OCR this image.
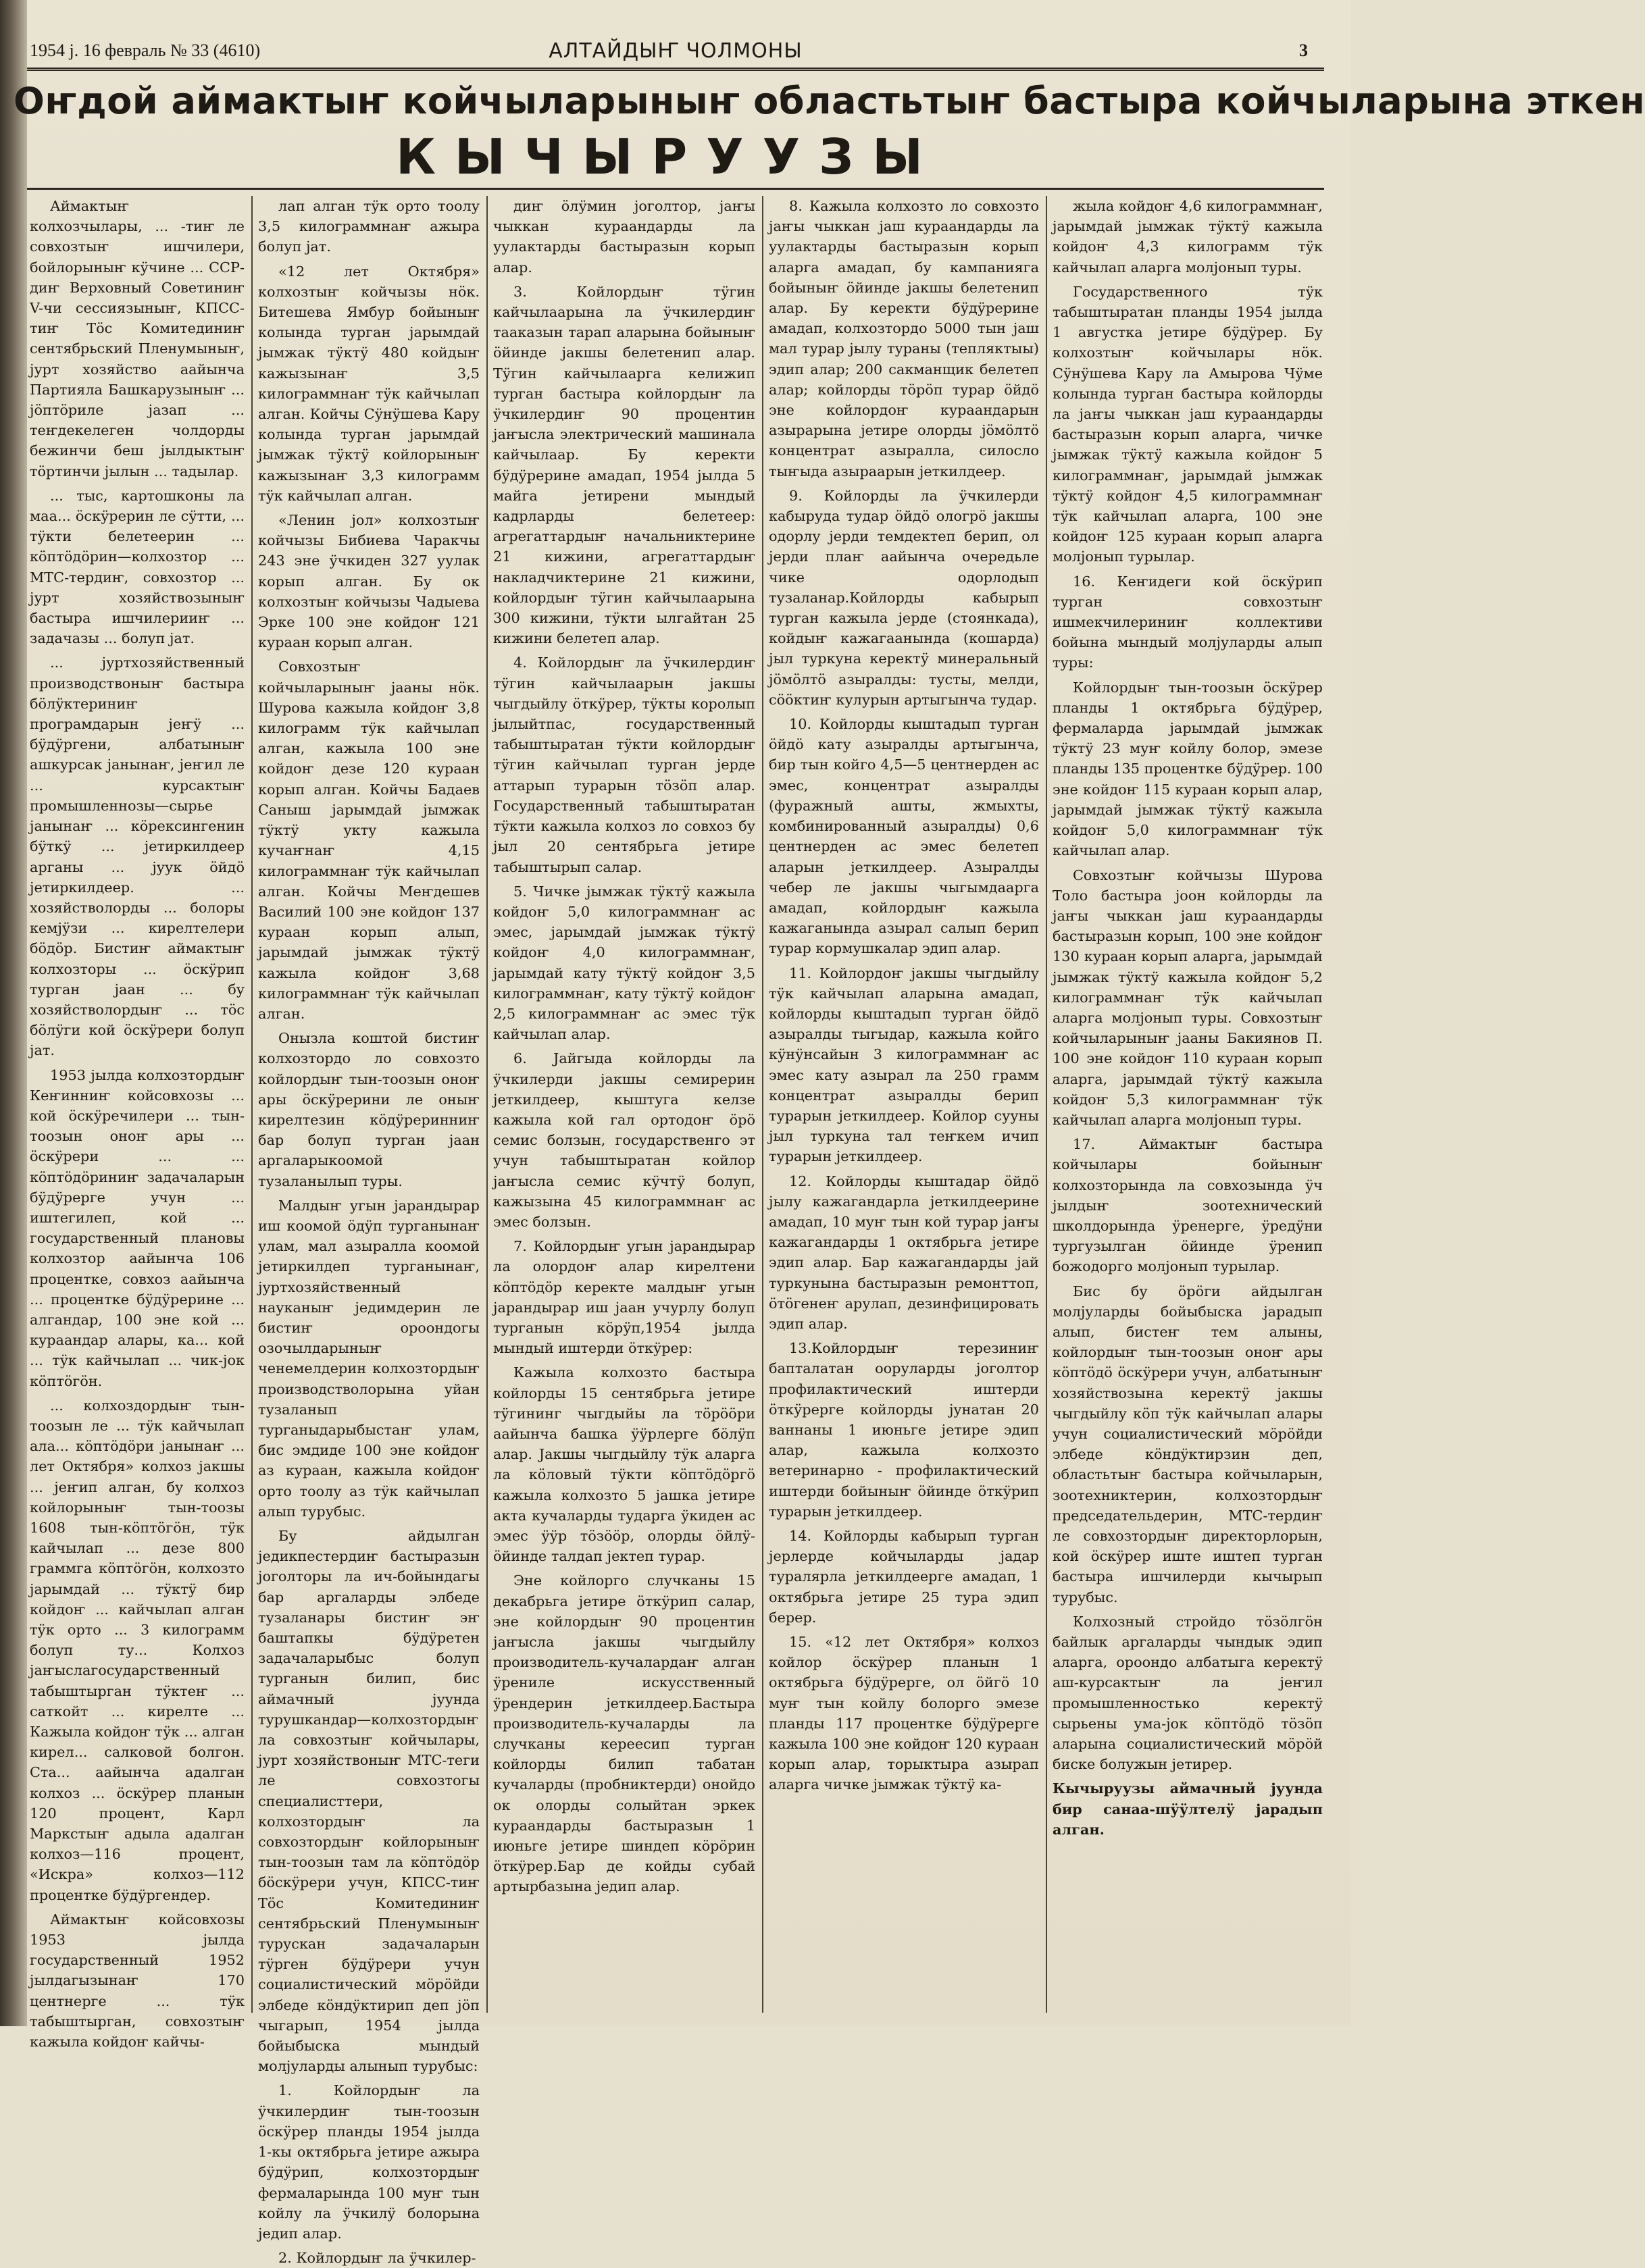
1954 ј. 16 февраль № 33 (4610)	АЛТАЙДЫҤ ЧОЛМОНЫ	3
Оҥдой аймактыҥ койчыларыныҥ областьтыҥ бастыра койчыларына эткен
КЫЧЫРУУЗЫ

Аймактыҥ колхозчылары, ... -тиҥ ле совхозтыҥ ишчилери, бойлорыныҥ кӱчине ... ССР-диҥ Верховный Советиниҥ V-чи сессиязыныҥ, КПСС-тиҥ Тӧс Комитединиҥ сентябрьский Пленумыныҥ, јурт хозяйство аайынча Партияла Башкарузыныҥ ... јӧптӧриле јазап ... теҥдекелеген чолдорды бежинчи беш јылдыктыҥ тӧртинчи јылын ... тадылар.

... тыс, картошконы ла маа... ӧскӱрерин ле сӱтти, ... тӱкти белетеерин ... кӧптӧдӧрин—колхозтор ... МТС-тердиҥ, совхозтор ... јурт хозяйствозыныҥ бастыра ишчилерииҥ ... задачазы ... болуп јат.

... јуртхозяйственный производствоныҥ бастыра бӧлӱктериниҥ програмдарын јеҥӱ ... бӱдӱргени, албатыныҥ ашкурсак јанынаҥ, јеҥил ле ... курсактыҥ промышленнозы—сырье јанынаҥ ... кӧрексингенин бӱткӱ ... јетиркилдеер арганы ... јуук ӧйдӧ јетиркилдеер. ... хозяйстволорды ... болоры кемјӱзи ... кирелтелери бӧдӧр. Бистиҥ аймактыҥ колхозторы ... ӧскӱрип турган јаан ... бу хозяйстволордыҥ ... тӧс бӧлӱги кой ӧскӱрери болуп јат.

1953 јылда колхозтордыҥ Кеҥинниҥ койсовхозы ... кой ӧскӱречилери ... тын-тоозын оноҥ ары ... ӧскӱрери ... ... кӧптӧдӧриниҥ задачаларын бӱдӱрерге учун ... иштегилеп, кой ... государственный плановы колхозтор аайынча 106 процентке, совхоз аайынча ... процентке бӱдӱрерине ... алгандар, 100 эне кой ... кураандар алары, ка... кой ... тӱк кайчылап ... чик-јок кӧптӧгӧн.

... колхоздордыҥ тын-тоозын ле ... тӱк кайчылап ала... кӧптӧдӧри јанынаҥ ... лет Октября» колхоз јакшы ... јеҥип алган, бу колхоз койлорыныҥ тын-тоозы 1608 тын-кӧптӧгӧн, тӱк кайчылап ... дезе 800 граммга кӧптӧгӧн, колхозто јарымдай ... тӱктӱ бир койдоҥ ... кайчылап алган тӱк орто ... 3 килограмм болуп ту... Колхоз јаҥыслагосударственный табыштырган тӱктеҥ ... саткойт ... кирелте ... Кажыла койдоҥ тӱк ... алган кирел... салковой болгон. Ста... аайынча адалган колхоз ... ӧскӱрер планын 120 процент, Карл Маркстыҥ адыла адалган колхоз—116 процент, «Искра» колхоз—112 процентке бӱдӱргендер.

Аймактыҥ койсовхозы 1953 јылда государственный 1952 јылдагызынаҥ 170 центнерге ... тӱк табыштырган, совхозтыҥ кажыла койдоҥ кайчы-

лап алган тӱк орто тоолу 3,5 килограммнаҥ ажыра болуп јат.

«12 лет Октября» колхозтыҥ койчызы нӧк. Битешева Ямбур бойыныҥ колында турган јарымдай јымжак тӱктӱ 480 койдыҥ кажызынаҥ 3,5 килограммнаҥ тӱк кайчылап алган. Койчы Сӱнӱшева Кару колында турган јарымдай јымжак тӱктӱ койлорыныҥ кажызынаҥ 3,3 килограмм тӱк кайчылап алган.

«Ленин јол» колхозтыҥ койчызы Бибиева Чаракчы 243 эне ӱчкиден 327 уулак корып алган. Бу ок колхозтыҥ койчызы Чадыева Эрке 100 эне койдоҥ 121 кураан корып алган.

Совхозтыҥ койчыларыныҥ јааны нӧк. Шурова кажыла койдоҥ 3,8 килограмм тӱк кайчылап алган, кажыла 100 эне койдоҥ дезе 120 кураан корып алган. Койчы Бадаев Саныш јарымдай јымжак тӱктӱ укту кажыла кучаҥнаҥ 4,15 килограммнаҥ тӱк кайчылап алган. Койчы Меҥдешев Василий 100 эне койдоҥ 137 кураан корып алып, јарымдай јымжак тӱктӱ кажыла койдоҥ 3,68 килограммнаҥ тӱк кайчылап алган.

Онызла коштой бистиҥ колхозтордо ло совхозто койлордыҥ тын-тоозын оноҥ ары ӧскӱрерини ле оныҥ кирелтезин кӧдӱреринниҥ бар болуп турган јаан аргаларыкоомой тузаланылып туры.

Малдыҥ угын јарандырар иш коомой ӧдӱп турганынаҥ улам, мал азыралла коомой јетиркилдеп турганынаҥ, јуртхозяйственный науканыҥ једимдерин ле бистиҥ ороондогы озочылдарыныҥ ченемелдерин колхозтордыҥ производстволорына уйан тузаланып турганыдарыбыстаҥ улам, бис эмдиде 100 эне койдоҥ аз кураан, кажыла койдоҥ орто тоолу аз тӱк кайчылап алып турубыс.

Бу айдылган једикпестердиҥ бастыразын јоголторы ла ич-бойындагы бар аргаларды элбеде тузаланары бистиҥ эҥ баштапкы бӱдӱретен задачаларыбыс болуп турганын билип, бис аймачный јуунда турушкандар—колхозтордыҥ ла совхозтыҥ койчылары, јурт хозяйствоныҥ МТС-теги ле совхозтогы специалисттери, колхозтордыҥ ла совхозтордыҥ койлорыныҥ тын-тоозын там ла кӧптӧдӧр бӧскӱрери учун, КПСС-тиҥ Тӧс Комитединиҥ сентябрьский Пленумыныҥ турускан задачаларын тӱрген бӱдӱрери учун социалистический мӧрӧйди элбеде кӧндӱктирип деп јӧп чыгарып, 1954 јылда бойыбыска мындый молјуларды алынып турубыс:

1. Койлордыҥ ла ӱчкилердиҥ тын-тоозын ӧскӱрер планды 1954 јылда 1-кы октябрьга јетире ажыра бӱдӱрип, колхозтордыҥ фермаларында 100 муҥ тын койлу ла ӱчкилӱ болорына једип алар.

2. Койлордыҥ ла ӱчкилер-

диҥ ӧлӱмин јоголтор, јаҥы чыккан кураандарды ла уулактарды бастыразын корып алар.

3. Койлордыҥ тӱгин кайчылаарына ла ӱчкилердиҥ тааказын тарап аларына бойыныҥ ӧйинде јакшы белетенип алар. Тӱгин кайчылаарга келижип турган бастыра койлордыҥ ла ӱчкилердиҥ 90 процентин јаҥысла электрический машинала кайчылаар. Бу керекти бӱдӱрерине амадап, 1954 јылда 5 майга јетирени мындый кадрларды белетеер: агрегаттардыҥ начальниктерине 21 кижини, агрегаттардыҥ накладчиктерине 21 кижини, койлордыҥ тӱгин кайчылаарына 300 кижини, тӱкти ылгайтан 25 кижини белетеп алар.

4. Койлордыҥ ла ӱчкилердиҥ тӱгин кайчылаарын јакшы чыгдыйлу ӧткӱрер, тӱкты королып јылыйтпас, государственный табыштыратан тӱкти койлордыҥ тӱгин кайчылап турган јерде аттарып турарын тӧзӧп алар. Государственный табыштыратан тӱкти кажыла колхоз ло совхоз бу јыл 20 сентябрьга јетире табыштырып салар.

5. Чичке јымжак тӱктӱ кажыла койдоҥ 5,0 килограммнаҥ ас эмес, јарымдай јымжак тӱктӱ койдоҥ 4,0 килограммнаҥ, јарымдай кату тӱктӱ койдоҥ 3,5 килограммнаҥ, кату тӱктӱ койдоҥ 2,5 килограммнаҥ ас эмес тӱк кайчылап алар.

6. Јайгыда койлорды ла ӱчкилерди јакшы семирерин јеткилдеер, кыштуга келзе кажыла кой гал ортодоҥ ӧрӧ семис болзын, государственго эт учун табыштыратан койлор јаҥысла семис кӱчтӱ болуп, кажызына 45 килограммнаҥ ас эмес болзын.

7. Койлордыҥ угын јарандырар ла олордоҥ алар кирелтени кӧптӧдӧр керекте малдыҥ угын јарандырар иш јаан учурлу болуп турганын кӧрӱп,1954 јылда мындый иштерди ӧткӱрер:

Кажыла колхозто бастыра койлорды 15 сентябрьга јетире тӱгининг чыгдыйы ла тӧрӧӧри аайынча башка ӱӱрлерге бӧлӱп алар. Јакшы чыгдыйлу тӱк аларга ла кӧловый тӱкти кӧптӧдӧргӧ кажыла колхозто 5 јашка јетире акта кучаларды тударга ӱкиден ас эмес ӱӱр тӧзӧӧр, олорды ӧйлӱ-ӧйинде талдап јектеп турар.

Эне койлорго случканы 15 декабрьга јетире ӧткӱрип салар, эне койлордыҥ 90 процентин јаҥысла јакшы чыгдыйлу производитель-кучалардаҥ алган ӱрениле искусственный ӱрендерин јеткилдеер.Бастыра производитель-кучаларды ла случканы кереесип турган койлорды билип табатан кучаларды (пробниктерди) онойдо ок олорды солыйтан эркек кураандарды бастыразын 1 июньге јетире шиндеп кӧрӧрин ӧткӱрер.Бар де койды субай артырбазына једип алар.

8. Кажыла колхозто ло совхозто јаҥы чыккан јаш кураандарды ла уулактарды бастыразын корып аларга амадап, бу кампанияга бойыныҥ ӧйинде јакшы белетенип алар. Бу керекти бӱдӱрерине амадап, колхозтордо 5000 тын јаш мал турар јылу тураны (тепляктыы) эдип алар; 200 сакманщик белетеп алар; койлорды тӧрӧп турар ӧйдӧ эне койлордоҥ кураандарын азырарына јетире олорды јӧмӧлтӧ концентрат азыралла, силосло тыҥыда азыраарын јеткилдеер.

9. Койлорды ла ӱчкилерди кабыруда тудар ӧйдӧ ологрӧ јакшы одорлу јерди темдектеп берип, ол јерди плаҥ аайынча очередьле чике одорлодып тузаланар.Койлорды кабырып турган кажыла јерде (стоянкада), койдыҥ кажагаанында (кошарда) јыл туркуна керектӱ минеральный јӧмӧлтӧ азыралды: тусты, мелди, сӧӧктиҥ кулурын артыгынча тудар.

10. Койлорды кыштадып турган ӧйдӧ кату азыралды артыгынча, бир тын койго 4,5—5 центнерден ас эмес, концентрат азыралды (фуражный ашты, жмыхты, комбинированный азыралды) 0,6 центнерден ас эмес белетеп аларын јеткилдеер. Азыралды чебер ле јакшы чыгымдаарга амадап, койлордыҥ кажыла кажаганында азырал салып берип турар кормушкалар эдип алар.

11. Койлордоҥ јакшы чыгдыйлу тӱк кайчылап аларына амадап, койлорды кыштадып турган ӧйдӧ азыралды тыгыдар, кажыла койго кӱнӱнсайын 3 килограммнаҥ ас эмес кату азырал ла 250 грамм концентрат азыралды берип турарын јеткилдеер. Койлор сууны јыл туркуна тал теҥкем ичип турарын јеткилдеер.

12. Койлорды кыштадар ӧйдӧ јылу кажагандарла јеткилдеерине амадап, 10 муҥ тын кой турар јаҥы кажагандарды 1 октябрьга јетире эдип алар. Бар кажагандарды јай туркунына бастыразын ремонттоп, ӧтӧгенеҥ арулап, дезинфицировать эдип алар.

13.Койлордыҥ терезиниҥ бапталатан ооруларды јоголтор профилактический иштерди ӧткӱрерге койлорды јунатан 20 ваннаны 1 июньге јетире эдип алар, кажыла колхозто ветеринарно - профилактический иштерди бойыныҥ ӧйинде ӧткӱрип турарын јеткилдеер.

14. Койлорды кабырып турган јерлерде койчыларды јадар туралярла јеткилдеерге амадап, 1 октябрьга јетире 25 тура эдип берер.

15. «12 лет Октября» колхоз койлор ӧскӱрер планын 1 октябрьга бӱдӱрерге, ол ӧйгӧ 10 муҥ тын койлу болорго эмезе планды 117 процентке бӱдӱрерге кажыла 100 эне койдоҥ 120 кураан корып алар, торыктыра азырап аларга чичке јымжак тӱктӱ ка-

жыла койдоҥ 4,6 килограммнаҥ, јарымдай јымжак тӱктӱ кажыла койдоҥ 4,3 килограмм тӱк кайчылап аларга молјонып туры.

Государственного тӱк табыштыратан планды 1954 јылда 1 августка јетире бӱдӱрер. Бу колхозтыҥ койчылары нӧк. Сӱнӱшева Кару ла Амырова Чӱме колында турган бастыра койлорды ла јаҥы чыккан јаш кураандарды бастыразын корып аларга, чичке јымжак тӱктӱ кажыла койдоҥ 5 килограммнаҥ, јарымдай јымжак тӱктӱ койдоҥ 4,5 килограммнаҥ тӱк кайчылап аларга, 100 эне койдоҥ 125 кураан корып аларга молјонып турылар.

16. Кеҥидеги кой ӧскӱрип турган совхозтыҥ ишмекчилериниҥ коллективи бойына мындый молјуларды алып туры:

Койлордыҥ тын-тоозын ӧскӱрер планды 1 октябрьга бӱдӱрер, фермаларда јарымдай јымжак тӱктӱ 23 муҥ койлу болор, эмезе планды 135 процентке бӱдӱрер. 100 эне койдоҥ 115 кураан корып алар, јарымдай јымжак тӱктӱ кажыла койдоҥ 5,0 килограммнаҥ тӱк кайчылап алар.

Совхозтыҥ койчызы Шурова Толо бастыра јоон койлорды ла јаҥы чыккан јаш кураандарды бастыразын корып, 100 эне койдоҥ 130 кураан корып аларга, јарымдай јымжак тӱктӱ кажыла койдоҥ 5,2 килограммнаҥ тӱк кайчылап аларга молјонып туры. Совхозтыҥ койчыларыныҥ јааны Бакиянов П. 100 эне койдоҥ 110 кураан корып аларга, јарымдай тӱктӱ кажыла койдоҥ 5,3 килограммнаҥ тӱк кайчылап аларга молјонып туры.

17. Аймактыҥ бастыра койчылары бойыныҥ колхозторында ла совхозында ӱч јылдыҥ зоотехнический школдорында ӱренерге, ӱредӱни тургузылган ӧйинде ӱренип божодорго молјонып турылар.

Бис бу ӧрӧги айдылган молјуларды бойыбыска јарадып алып, бистеҥ тем алыны, койлордыҥ тын-тоозын оноҥ ары кӧптӧдӧ ӧскӱрери учун, албатыныҥ хозяйствозына керектӱ јакшы чыгдыйлу кӧп тӱк кайчылап алары учун социалистический мӧрӧйди элбеде кӧндӱктирзин деп, областьтыҥ бастыра койчыларын, зоотехниктерин, колхозтордыҥ председательдерин, МТС-тердиҥ ле совхозтордыҥ директорлорын, кой ӧскӱрер иште иштеп турган бастыра ишчилерди кычырып турубыс.

Колхозный стройдо тӧзӧлгӧн байлык аргаларды чындык эдип аларга, ороондо албатыга керектӱ аш-курсактыҥ ла јеҥил промышленностько керектӱ сырьены ума-јок кӧптӧдӧ тӧзӧп аларына социалистический мӧрӧй биске болужын јетирер.

Кычыруузы аймачный јуунда бир санаа-шӱӱлтелӱ јарадып алган.
